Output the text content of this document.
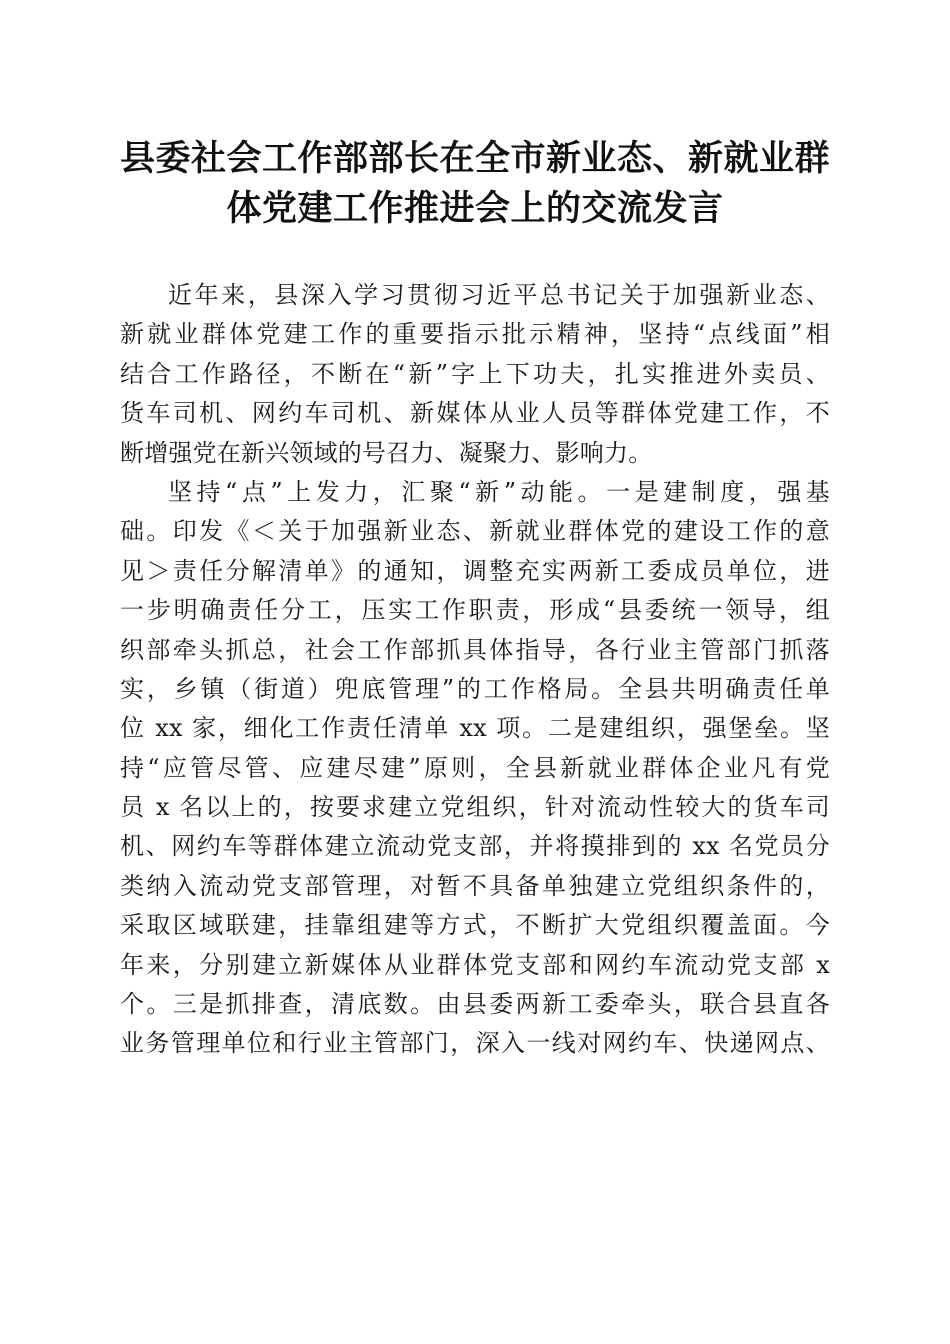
县委社会工作部部长在全市新业态、新就业群
体党建工作推进会上的交流发言
近年来，县深入学习贯彻习近平总书记关于加强新业态、
新就业群体党建工作的重要指示批示精神，坚持“点线面”相
结合工作路径，不断在“新”字上下功夫，扎实推进外卖员、
货车司机、网约车司机、新媒体从业人员等群体党建工作，不
断增强党在新兴领域的号召力、凝聚力、影响力。
坚持“点”上发力，汇聚“新”动能。一是建制度，强基
础。印发《＜关于加强新业态、新就业群体党的建设工作的意
见＞责任分解清单》的通知，调整充实两新工委成员单位，进
一步明确责任分工，压实工作职责，形成“县委统一领导，组
织部牵头抓总，社会工作部抓具体指导，各行业主管部门抓落
实，乡镇（街道）兜底管理”的工作格局。全县共明确责任单
位 xx 家，细化工作责任清单 xx 项。二是建组织，强堡垒。坚
持“应管尽管、应建尽建”原则，全县新就业群体企业凡有党
员 x 名以上的，按要求建立党组织，针对流动性较大的货车司
机、网约车等群体建立流动党支部，并将摸排到的 xx 名党员分
类纳入流动党支部管理，对暂不具备单独建立党组织条件的，
采取区域联建，挂靠组建等方式，不断扩大党组织覆盖面。今
年来，分别建立新媒体从业群体党支部和网约车流动党支部 x
个。三是抓排查，清底数。由县委两新工委牵头，联合县直各
业务管理单位和行业主管部门，深入一线对网约车、快递网点、
